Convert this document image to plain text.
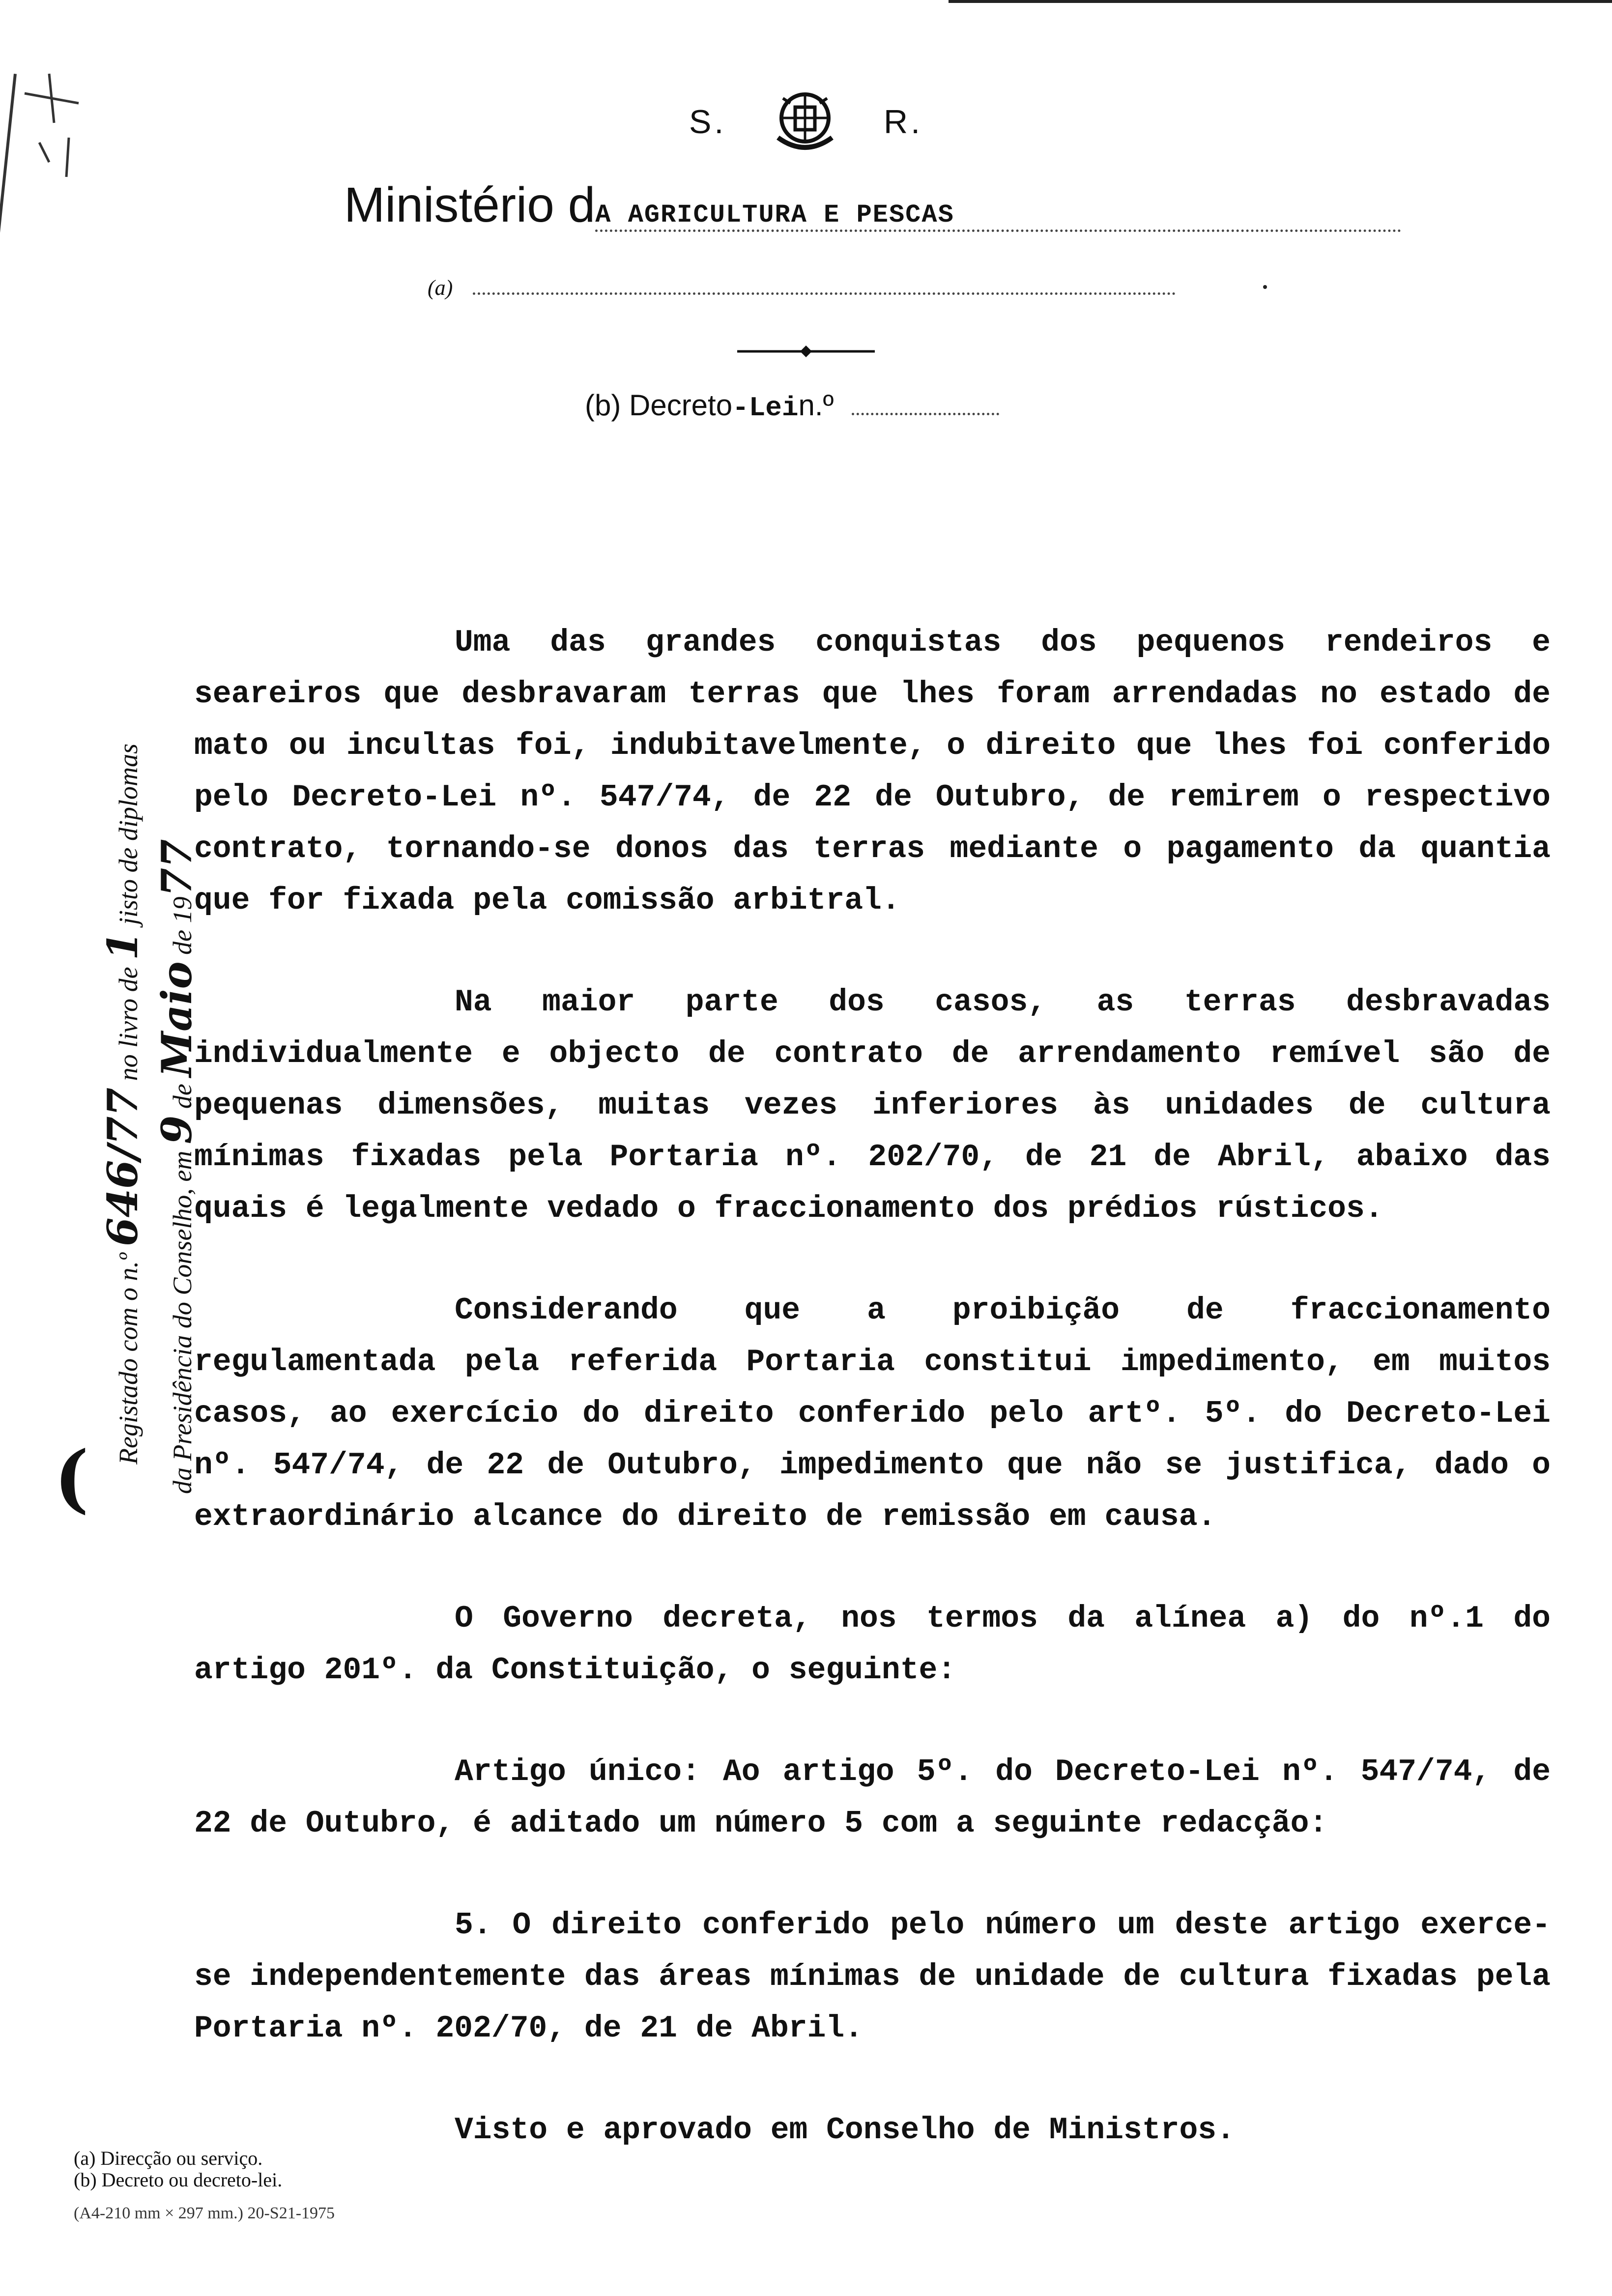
S.	R.
Ministério dA AGRICULTURA E PESCAS
(a)
(b) Decreto-Lein.º
(
Registado com o n.º 646/77 no livro de 1 jisto de diplomas
da Presidência do Conselho, em 9 de Maio de 1977

Uma das grandes conquistas dos pequenos rendeiros e seareiros que desbravaram terras que lhes foram arrendadas no estado de mato ou incultas foi, indubitavelmente, o direito que lhes foi conferido pelo Decreto-Lei nº. 547/74, de 22 de Outubro, de remirem o respectivo contrato, tornando-se donos das terras mediante o pagamento da quantia que for fixada pela comissão arbitral.

Na maior parte dos casos, as terras desbravadas individualmente e objecto de contrato de arrendamento remível são de pequenas dimensões, muitas vezes inferiores às unidades de cultura mínimas fixadas pela Portaria nº. 202/70, de 21 de Abril, abaixo das quais é legalmente vedado o fraccionamento dos prédios rústicos.

Considerando que a proibição de fraccionamento regulamentada pela referida Portaria constitui impedimento, em muitos casos, ao exercício do direito conferido pelo artº. 5º. do Decreto-Lei nº. 547/74, de 22 de Outubro, impedimento que não se justifica, dado o extraordinário alcance do direito de remissão em causa.

O Governo decreta, nos termos da alínea a) do nº.1 do artigo 201º. da Constituição, o seguinte:

Artigo único: Ao artigo 5º. do Decreto-Lei nº. 547/74, de 22 de Outubro, é aditado um número 5 com a seguinte redacção:

5. O direito conferido pelo número um deste artigo exerce-se independentemente das áreas mínimas de unidade de cultura fixadas pela Portaria nº. 202/70, de 21 de Abril.

Visto e aprovado em Conselho de Ministros.

(a) Direcção ou serviço.
(b) Decreto ou decreto-lei.
(A4-210 mm × 297 mm.) 20-S21-1975
